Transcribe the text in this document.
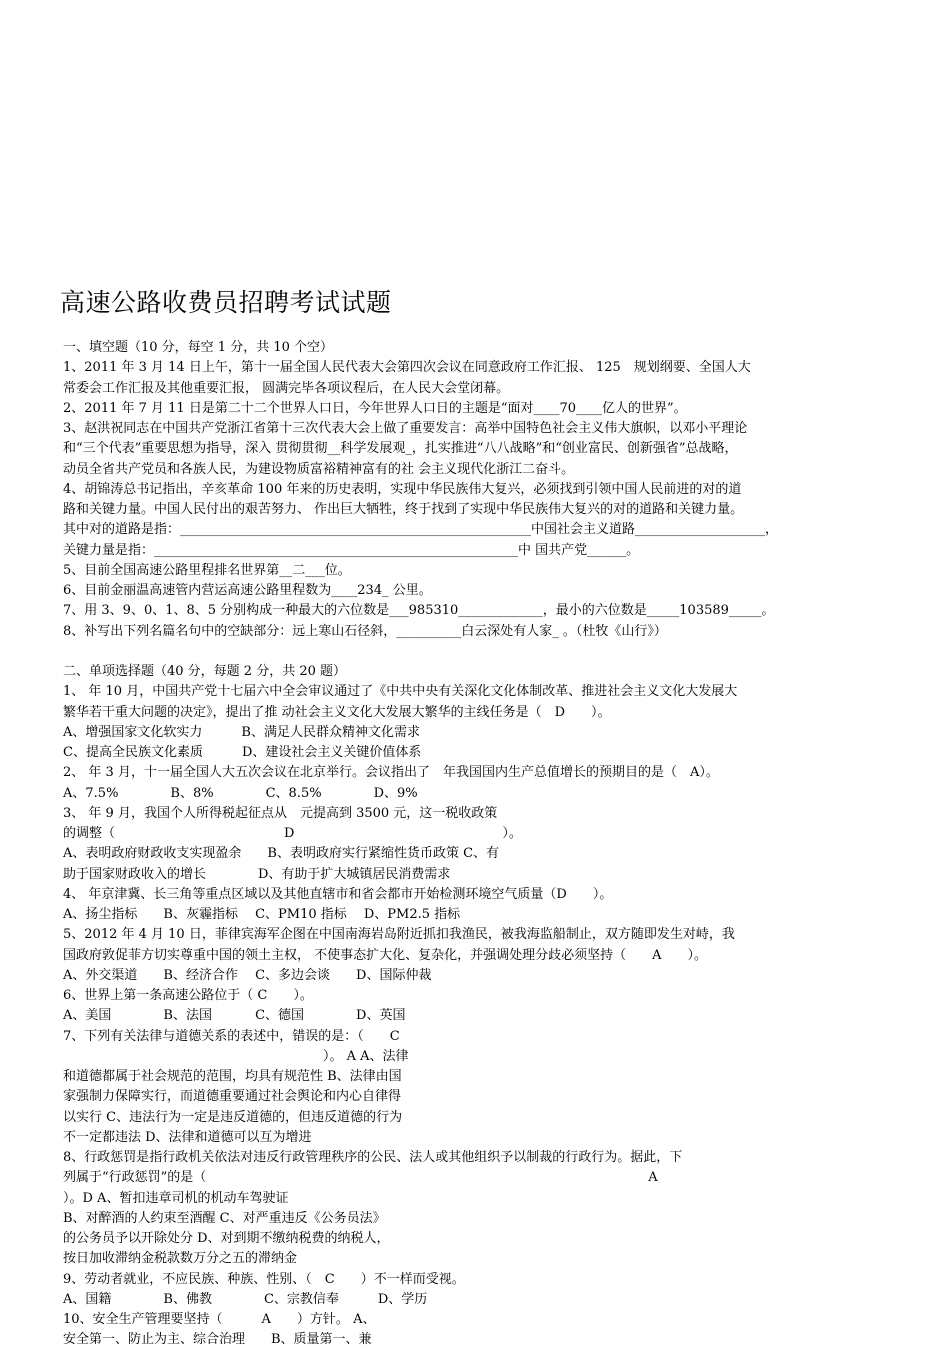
高速公路收费员招聘考试试题
一、填空题（10 分，每空 1 分，共 10 个空）
1、2011 年 3 月 14 日上午，第十一届全国人民代表大会第四次会议在同意政府工作汇报、 125　规划纲要、全国人大
常委会工作汇报及其他重要汇报， 圆满完毕各项议程后，在人民大会堂闭幕。
2、2011 年 7 月 11 日是第二十二个世界人口日，今年世界人口日的主题是“面对____70____亿人的世界”。
3、赵洪祝同志在中国共产党浙江省第十三次代表大会上做了重要发言：高举中国特色社会主义伟大旗帜，以邓小平理论
和“三个代表”重要思想为指导，深入 贯彻贯彻__科学发展观_，扎实推进“八八战略”和“创业富民、创新强省”总战略，
动员全省共产党员和各族人民，为建设物质富裕精神富有的社 会主义现代化浙江二奋斗。
4、胡锦涛总书记指出，辛亥革命 100 年来的历史表明，实现中华民族伟大复兴，必须找到引领中国人民前进的对的道
路和关键力量。中国人民付出的艰苦努力、 作出巨大牺牲，终于找到了实现中华民族伟大复兴的对的道路和关键力量。
其中对的道路是指：______________________________________________________中国社会主义道路____________________，
关键力量是指：________________________________________________________中 国共产党______。
5、目前全国高速公路里程排名世界第__二___位。
6、目前金丽温高速管内营运高速公路里程数为____234_ 公里。
7、用 3、9、0、1、8、5 分别构成一种最大的六位数是___985310_____________，最小的六位数是_____103589_____。
8、补写出下列名篇名句中的空缺部分：远上寒山石径斜，__________白云深处有人家_ 。（杜牧《山行》）
二、单项选择题（40 分，每题 2 分，共 20 题）
1、 年 10 月，中国共产党十七届六中全会审议通过了《中共中央有关深化文化体制改革、推进社会主义文化大发展大
繁华若干重大问题的决定》，提出了推 动社会主义文化大发展大繁华的主线任务是（　D　　）。
A、增强国家文化软实力　　　B、满足人民群众精神文化需求
C、提高全民族文化素质　　　D、建设社会主义关键价值体系
2、 年 3 月，十一届全国人大五次会议在北京举行。会议指出了　年我国国内生产总值增长的预期目的是（　A）。
A、7.5%　　　　B、8%　　　　C、8.5%　　　　D、9%
3、 年 9 月，我国个人所得税起征点从　元提高到 3500 元，这一税收政策
的调整（　　　　　　　　　　　　　D　　　　　　　　　　　　　　　　）。
A、表明政府财政收支实现盈余　　B、表明政府实行紧缩性货币政策 C、有
助于国家财政收入的增长　　　　D、有助于扩大城镇居民消费需求
4、 年京津冀、长三角等重点区域以及其他直辖市和省会都市开始检测环境空气质量（D　　）。
A、扬尘指标　　B、灰霾指标　 C、PM10 指标　 D、PM2.5 指标
5、2012 年 4 月 10 日，菲律宾海军企图在中国南海岩岛附近抓扣我渔民，被我海监船制止，双方随即发生对峙，我
国政府敦促菲方切实尊重中国的领土主权， 不使事态扩大化、复杂化，并强调处理分歧必须坚持（　　A　　）。
A、外交渠道　　B、经济合作　 C、多边会谈　　D、国际仲裁
6、世界上第一条高速公路位于（ C　　）。
A、美国　　　　B、法国　　　 C、德国　　　　D、英国
7、下列有关法律与道德关系的表述中，错误的是：（　　C
　　　　　　　　　　　　　　　　　　　　）。 A A、法律
和道德都属于社会规范的范围，均具有规范性 B、法律由国
家强制力保障实行，而道德重要通过社会舆论和内心自律得
以实行 C、违法行为一定是违反道德的，但违反道德的行为
不一定都违法 D、法律和道德可以互为增进
8、行政惩罚是指行政机关依法对违反行政管理秩序的公民、法人或其他组织予以制裁的行政行为。据此，下
列属于“行政惩罚”的是（　　　　　　　　　　　　　　　　　　　　　　　　　　　　　　　　　　A
）。D A、暂扣违章司机的机动车驾驶证
B、对醉酒的人约束至酒醒 C、对严重违反《公务员法》
的公务员予以开除处分 D、对到期不缴纳税费的纳税人，
按日加收滞纳金税款数万分之五的滞纳金
9、劳动者就业，不应民族、种族、性别、（　C　　）不一样而受视。
A、国籍　　　　B、佛教　　　　C、宗教信奉　　　D、学历
10、安全生产管理要坚持（　　　A　　）方针。 A、
安全第一、防止为主、综合治理　　B、质量第一、兼
